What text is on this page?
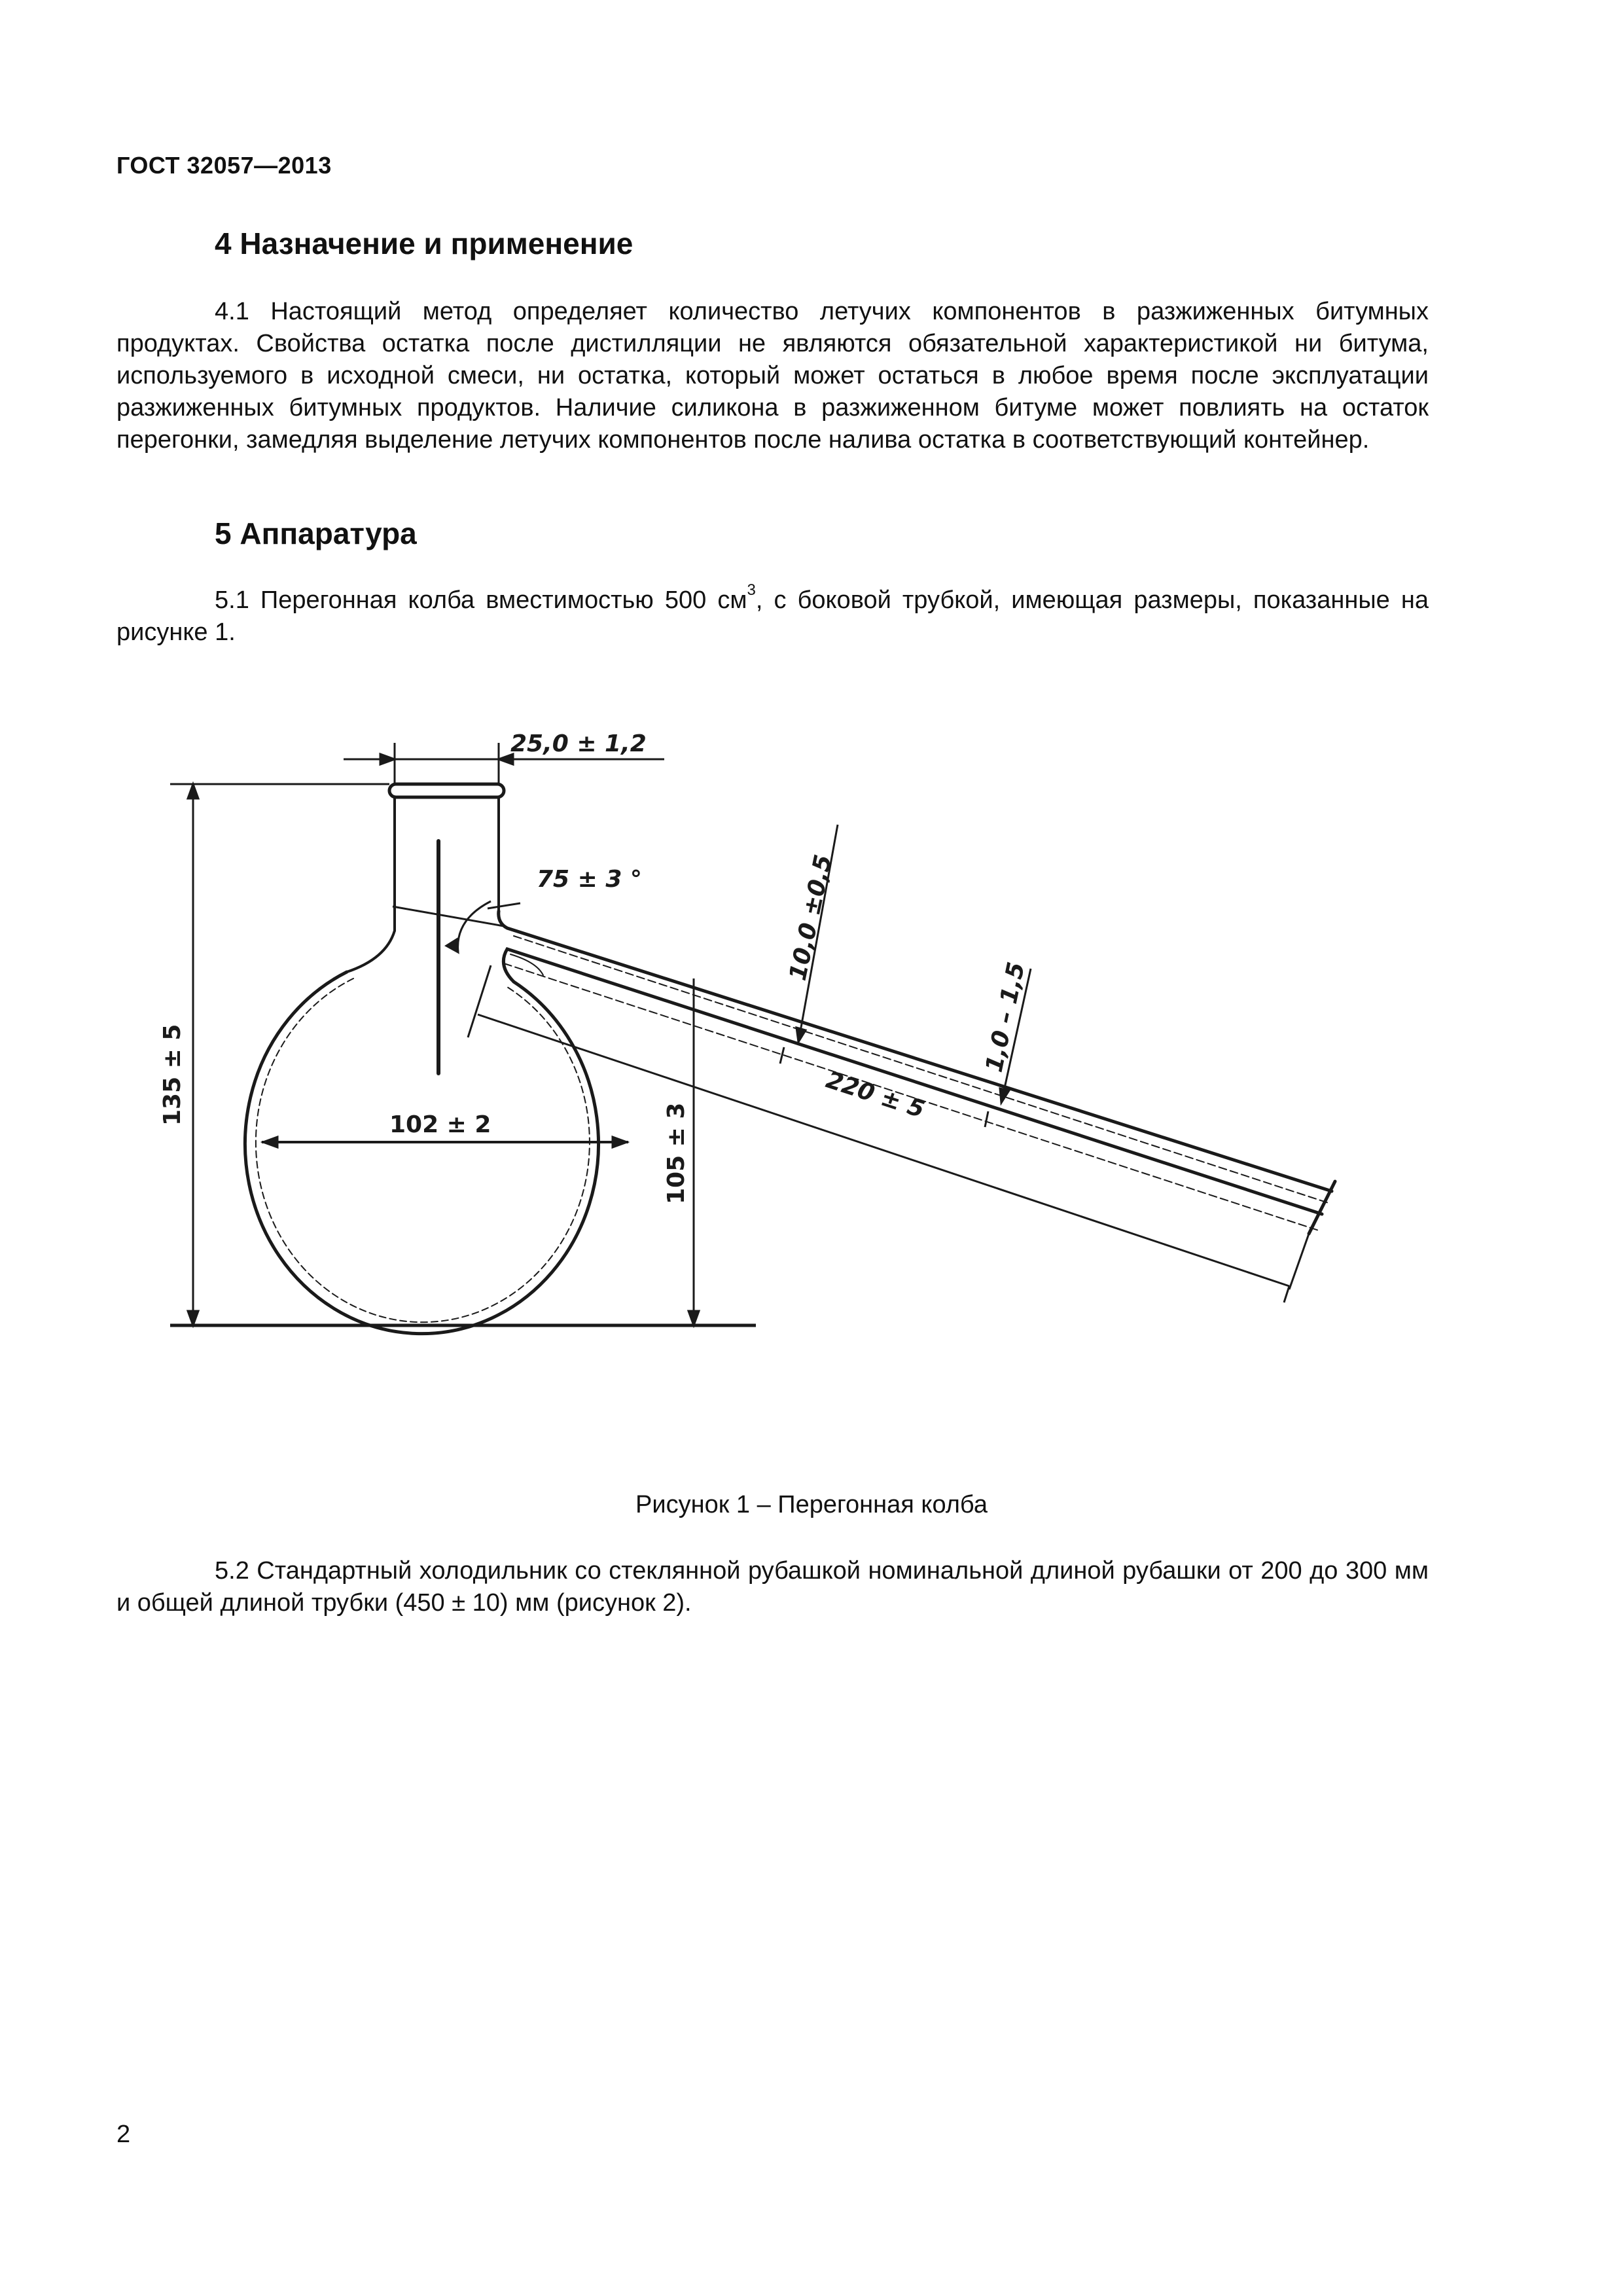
ГОСТ 32057—2013
4 Назначение и применение
4.1 Настоящий метод определяет количество летучих компонентов в разжиженных битумных продуктах. Свойства остатка после дистилляции не являются обязательной характеристикой ни битума, используемого в исходной смеси, ни остатка, который может остаться в любое время после эксплуатации разжиженных битумных продуктов. Наличие силикона в разжиженном битуме может повлиять на остаток перегонки, замедляя выделение летучих компонентов после налива остатка в соответствующий контейнер.
5 Аппаратура
5.1 Перегонная колба вместимостью 500 $см^3$, с боковой трубкой, имеющая размеры, показанные на рисунке 1.
25,0 ± 1,2
75 ± 3 °	10,0 ±0,5
1,0 – 1,5
220 ± 5
102 ± 2
135 ± 5
105 ± 3
Рисунок 1 – Перегонная колба
5.2 Стандартный холодильник со стеклянной рубашкой номинальной длиной рубашки от 200 до 300 мм и общей длиной трубки (450 ± 10) мм (рисунок 2).
2
